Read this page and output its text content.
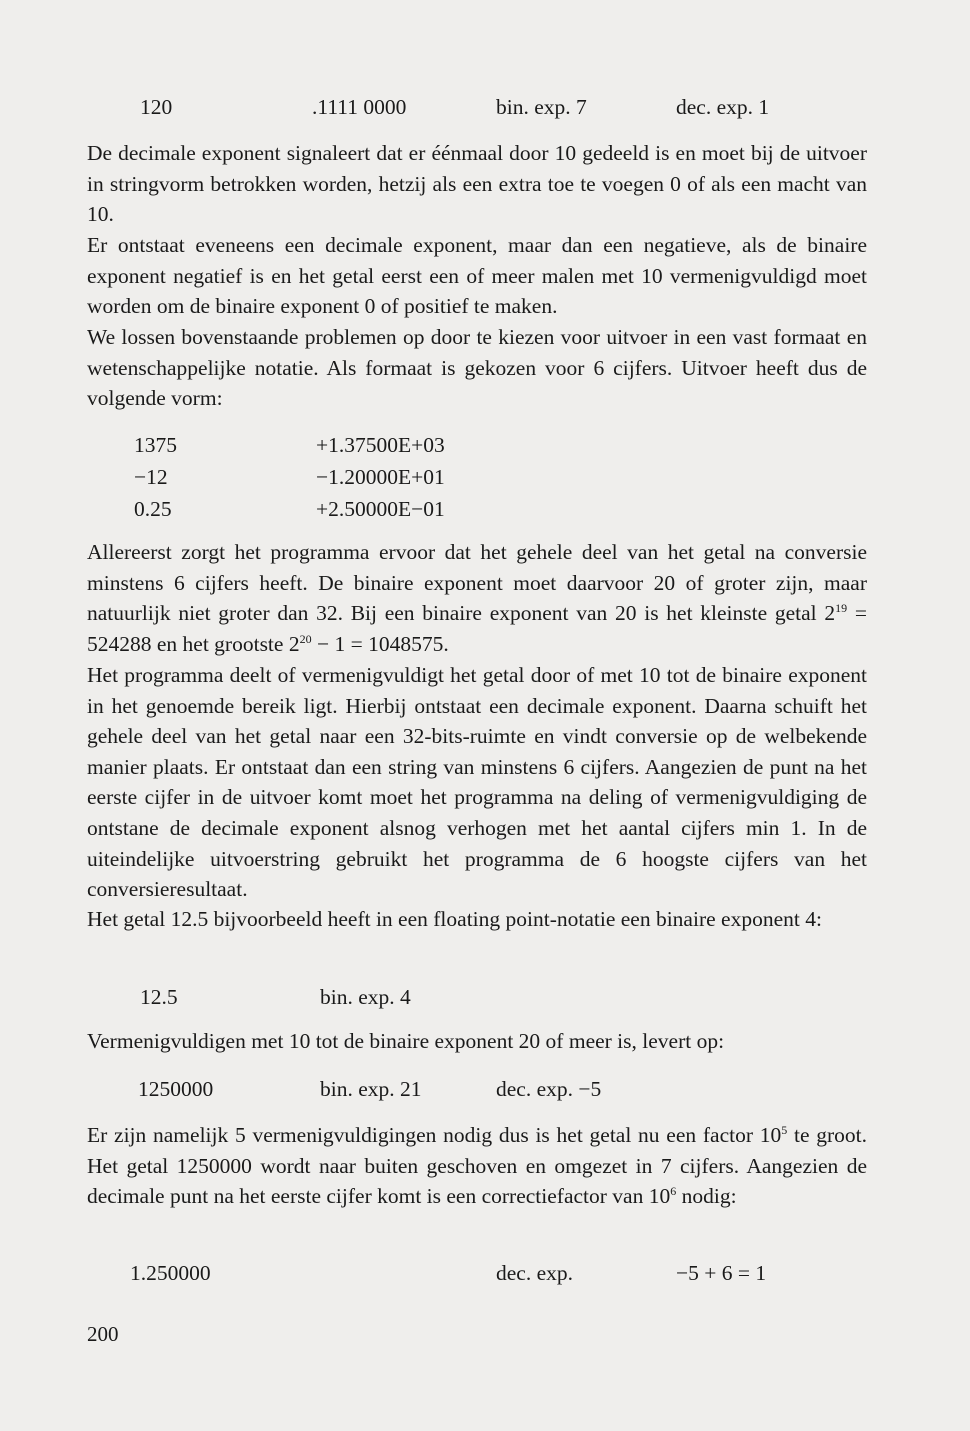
120	.1111 0000	bin. exp. 7	dec. exp. 1

De decimale exponent signaleert dat er éénmaal door 10 gedeeld is en moet bij de uitvoer in stringvorm betrokken worden, hetzij als een extra toe te voegen 0 of als een macht van 10.

Er ontstaat eveneens een decimale exponent, maar dan een negatieve, als de binaire exponent negatief is en het getal eerst een of meer malen met 10 vermenigvuldigd moet worden om de binaire exponent 0 of positief te maken.

We lossen bovenstaande problemen op door te kiezen voor uitvoer in een vast formaat en wetenschappelijke notatie. Als formaat is gekozen voor 6 cijfers. Uitvoer heeft dus de volgende vorm:

1375	+1.37500E+03
−12	−1.20000E+01
0.25	+2.50000E−01

Allereerst zorgt het programma ervoor dat het gehele deel van het getal na conversie minstens 6 cijfers heeft. De binaire exponent moet daarvoor 20 of groter zijn, maar natuurlijk niet groter dan 32. Bij een binaire exponent van 20 is het kleinste getal $2^{19} = 524288$ en het grootste $2^{20} - 1 = 1048575$.

Het programma deelt of vermenigvuldigt het getal door of met 10 tot de binaire exponent in het genoemde bereik ligt. Hierbij ontstaat een decimale exponent. Daarna schuift het gehele deel van het getal naar een 32-bits-ruimte en vindt conversie op de welbekende manier plaats. Er ontstaat dan een string van minstens 6 cijfers. Aangezien de punt na het eerste cijfer in de uitvoer komt moet het programma na deling of vermenigvuldiging de ontstane de decimale exponent alsnog verhogen met het aantal cijfers min 1. In de uiteindelijke uitvoerstring gebruikt het programma de 6 hoogste cijfers van het conversieresultaat.

Het getal 12.5 bijvoorbeeld heeft in een floating point-notatie een binaire exponent 4:

12.5	bin. exp. 4

Vermenigvuldigen met 10 tot de binaire exponent 20 of meer is, levert op:

1250000	bin. exp. 21	dec. exp. −5

Er zijn namelijk 5 vermenigvuldigingen nodig dus is het getal nu een factor $10^5$ te groot. Het getal 1250000 wordt naar buiten geschoven en omgezet in 7 cijfers. Aangezien de decimale punt na het eerste cijfer komt is een correctiefactor van $10^6$ nodig:

1.250000	dec. exp.	−5 + 6 = 1
200
